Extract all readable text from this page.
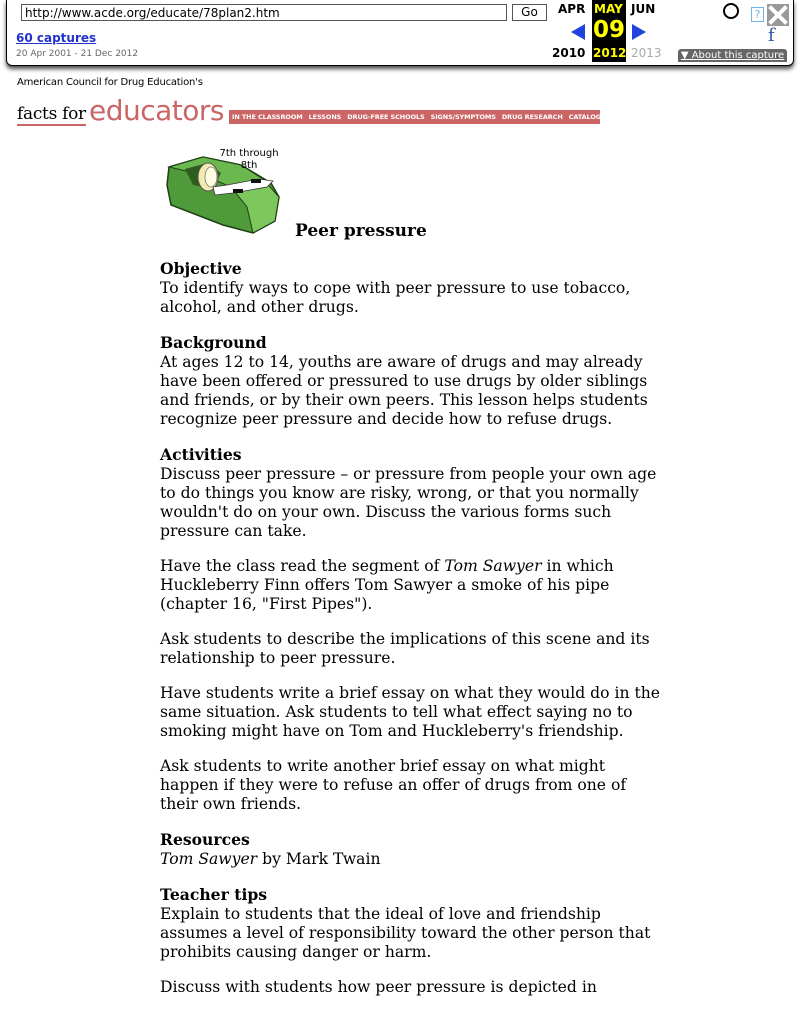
http://www.acde.org/educate/78plan2.htm
Go
60 captures
20 Apr 2001 - 21 Dec 2012
APR MAY JUN
09
2010 2012 2013
?
f
▼ About this capture
American Council for Drug Education's
facts for educators IN THE CLASSROOM LESSONS DRUG-FREE SCHOOLS SIGNS/SYMPTOMS DRUG RESEARCH CATALOG
7th through
8th
Peer pressure

Objective
To identify ways to cope with peer pressure to use tobacco, alcohol, and other drugs.

Background
At ages 12 to 14, youths are aware of drugs and may already have been offered or pressured to use drugs by older siblings and friends, or by their own peers. This lesson helps students recognize peer pressure and decide how to refuse drugs.

Activities
Discuss peer pressure – or pressure from people your own age to do things you know are risky, wrong, or that you normally wouldn't do on your own. Discuss the various forms such pressure can take.

Have the class read the segment of Tom Sawyer in which Huckleberry Finn offers Tom Sawyer a smoke of his pipe (chapter 16, "First Pipes").

Ask students to describe the implications of this scene and its relationship to peer pressure.

Have students write a brief essay on what they would do in the same situation. Ask students to tell what effect saying no to smoking might have on Tom and Huckleberry's friendship.

Ask students to write another brief essay on what might happen if they were to refuse an offer of drugs from one of their own friends.

Resources
Tom Sawyer by Mark Twain

Teacher tips
Explain to students that the ideal of love and friendship assumes a level of responsibility toward the other person that prohibits causing danger or harm.

Discuss with students how peer pressure is depicted in
